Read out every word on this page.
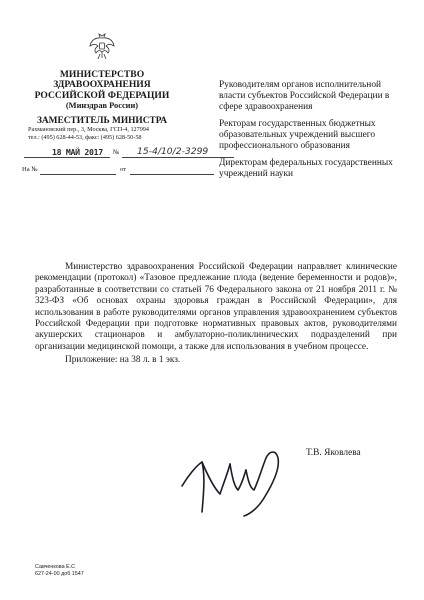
МИНИСТЕРСТВО
ЗДРАВООХРАНЕНИЯ
РОССИЙСКОЙ ФЕДЕРАЦИИ
(Минздрав России)
ЗАМЕСТИТЕЛЬ МИНИСТРА
Рахмановский пер., 3, Москва, ГСП-4, 127994
тел.: (495) 628-44-53, факс: (495) 628-50-58
18 МАЙ 2017 № 15-4/10/2-3299
На №	от

Руководителям органов исполнительной власти субъектов Российской Федерации в сфере здравоохранения

Ректорам государственных бюджетных образовательных учреждений высшего профессионального образования

Директорам федеральных государственных учреждений науки

Министерство здравоохранения Российской Федерации направляет клинические рекомендации (протокол) «Тазовое предлежание плода (ведение беременности и родов)», разработанные в соответствии со статьей 76 Федерального закона от 21 ноября 2011 г. № 323-ФЗ «Об основах охраны здоровья граждан в Российской Федерации», для использования в работе руководителями органов управления здравоохранением субъектов Российской Федерации при подготовке нормативных правовых актов, руководителями акушерских стационаров и амбулаторно-поликлинических подразделений при организации медицинской помощи, а также для использования в учебном процессе.

Приложение: на 38 л. в 1 экз.

Т.В. Яковлева
Савченкова Е.С
627-24-00 доб 1547
